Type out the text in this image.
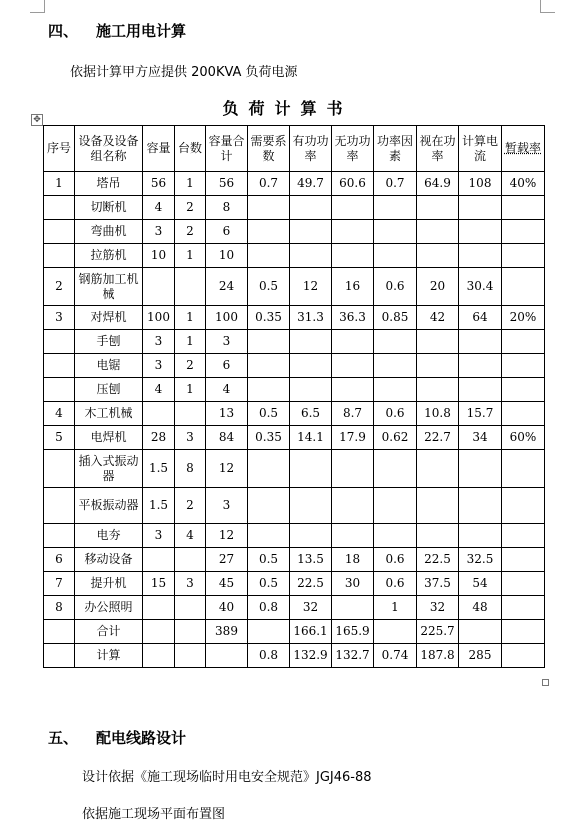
四、 施工用电计算
依据计算甲方应提供 200KVA 负荷电源
负荷计算书
✥
序号	设备及设备组名称	容量	台数	容量合计	需要系数	有功功率	无功功率	功率因素	视在功率	计算电流	暂载率
1	塔吊	56	1	56	0.7	49.7	60.6	0.7	64.9	108	40%
	切断机	4	2	8							
	弯曲机	3	2	6							
	拉筋机	10	1	10							
2	钢筋加工机械			24	0.5	12	16	0.6	20	30.4	
3	对焊机	100	1	100	0.35	31.3	36.3	0.85	42	64	20%
	手刨	3	1	3							
	电锯	3	2	6							
	压刨	4	1	4							
4	木工机械			13	0.5	6.5	8.7	0.6	10.8	15.7	
5	电焊机	28	3	84	0.35	14.1	17.9	0.62	22.7	34	60%
	插入式振动器	1.5	8	12							
	平板振动器	1.5	2	3							
	电夯	3	4	12							
6	移动设备			27	0.5	13.5	18	0.6	22.5	32.5	
7	提升机	15	3	45	0.5	22.5	30	0.6	37.5	54	
8	办公照明			40	0.8	32		1	32	48	
	合计			389		166.1	165.9		225.7		
	计算				0.8	132.9	132.7	0.74	187.8	285	
五、 配电线路设计
设计依据《施工现场临时用电安全规范》JGJ46-88
依据施工现场平面布置图
